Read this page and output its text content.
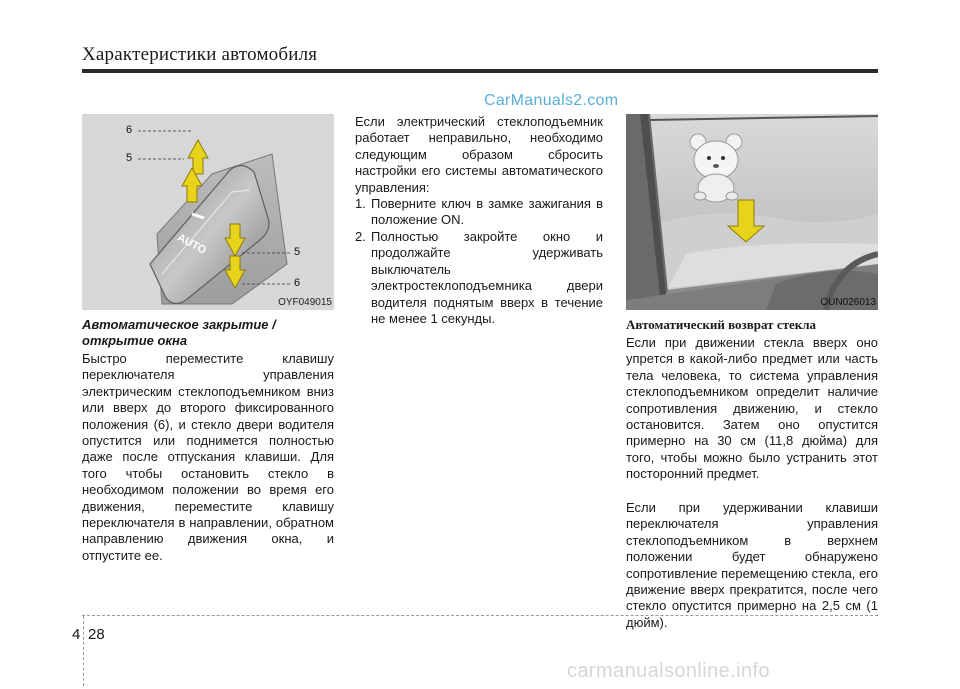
Характеристики автомобиля
CarManuals2.com
AUTO
6
5
5
6
OYF049015	OUN026013
Автоматическое закрытие /
открытие окна
Быстро переместите клавишу переключателя управления электрическим стеклоподъемником вниз или вверх до второго фиксированного положения (6), и стекло двери водителя опустится или поднимется полностью даже после отпускания клавиши. Для того чтобы остановить стекло в необходимом положении во время его движения, переместите клавишу переключателя в направлении, обратном направлению движения окна, и отпустите ее.
Если электрический стеклоподъемник работает неправильно, необходимо следующим образом сбросить настройки его системы автоматического управления:
1. Поверните ключ в замке зажигания в положение ON.
2. Полностью закройте окно и продолжайте удерживать выключатель электростеклоподъемника двери водителя поднятым вверх в течение не менее 1 секунды.	Автоматический возврат стекла
Если при движении стекла вверх оно упрется в какой-либо предмет или часть тела человека, то система управления стеклоподъемником определит наличие сопротивления движению, и стекло остановится. Затем оно опустится примерно на 30 см (11,8 дюйма) для того, чтобы можно было устранить этот посторонний предмет.
Если при удерживании клавиши переключателя управления стеклоподъемником в верхнем положении будет обнаружено сопротивление перемещению стекла, его движение вверх прекратится, после чего стекло опустится примерно на 2,5 см (1 дюйм).
4 28
carmanualsonline.info
